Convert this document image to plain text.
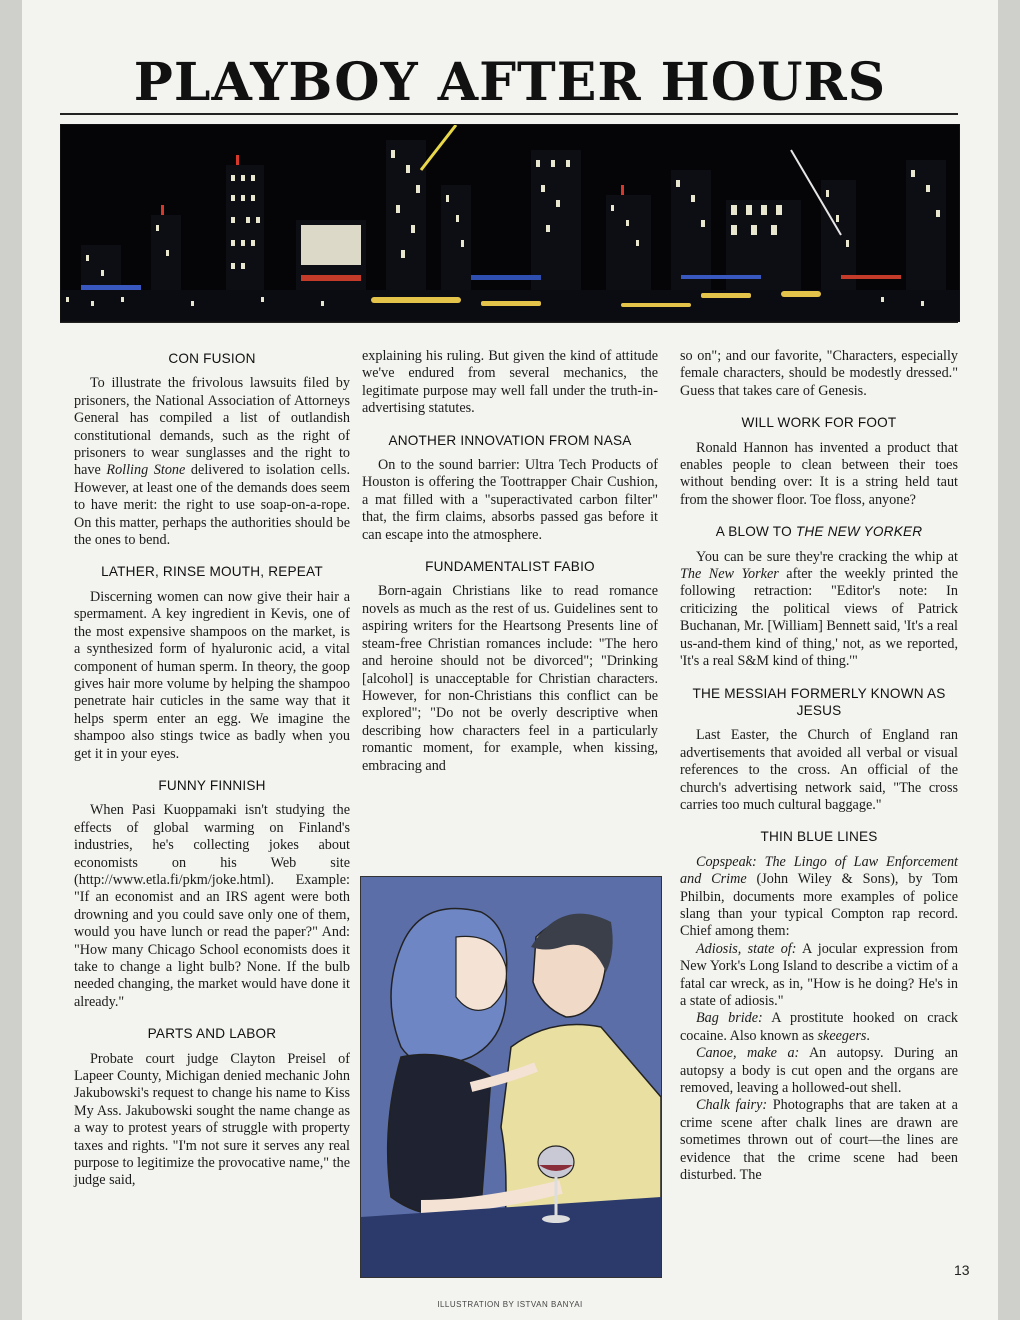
PLAYBOY AFTER HOURS
CON FUSION

To illustrate the frivolous lawsuits filed by prisoners, the National Association of Attorneys General has compiled a list of outlandish constitutional demands, such as the right of prisoners to wear sunglasses and the right to have Rolling Stone delivered to isolation cells. However, at least one of the demands does seem to have merit: the right to use soap-on-a-rope. On this matter, perhaps the authorities should be the ones to bend.

LATHER, RINSE MOUTH, REPEAT

Discerning women can now give their hair a spermament. A key ingredient in Kevis, one of the most expensive shampoos on the market, is a synthesized form of hyaluronic acid, a vital component of human sperm. In theory, the goop gives hair more volume by helping the shampoo penetrate hair cuticles in the same way that it helps sperm enter an egg. We imagine the shampoo also stings twice as badly when you get it in your eyes.

FUNNY FINNISH

When Pasi Kuoppamaki isn't studying the effects of global warming on Finland's industries, he's collecting jokes about economists on his Web site (http://www.etla.fi/pkm/joke.html). Example: "If an economist and an IRS agent were both drowning and you could save only one of them, would you have lunch or read the paper?" And: "How many Chicago School economists does it take to change a light bulb? None. If the bulb needed changing, the market would have done it already."

PARTS AND LABOR

Probate court judge Clayton Preisel of Lapeer County, Michigan denied mechanic John Jakubowski's request to change his name to Kiss My Ass. Jakubowski sought the name change as a way to protest years of struggle with property taxes and rights. "I'm not sure it serves any real purpose to legitimize the provocative name," the judge said,

explaining his ruling. But given the kind of attitude we've endured from several mechanics, the legitimate purpose may well fall under the truth-in-advertising statutes.

ANOTHER INNOVATION FROM NASA

On to the sound barrier: Ultra Tech Products of Houston is offering the Toottrapper Chair Cushion, a mat filled with a "superactivated carbon filter" that, the firm claims, absorbs passed gas before it can escape into the atmosphere.

FUNDAMENTALIST FABIO

Born-again Christians like to read romance novels as much as the rest of us. Guidelines sent to aspiring writers for the Heartsong Presents line of steam-free Christian romances include: "The hero and heroine should not be divorced"; "Drinking [alcohol] is unacceptable for Christian characters. However, for non-Christians this conflict can be explored"; "Do not be overly descriptive when describing how characters feel in a particularly romantic moment, for example, when kissing, embracing and

so on"; and our favorite, "Characters, especially female characters, should be modestly dressed." Guess that takes care of Genesis.

WILL WORK FOR FOOT

Ronald Hannon has invented a product that enables people to clean between their toes without bending over: It is a string held taut from the shower floor. Toe floss, anyone?

A BLOW TO THE NEW YORKER

You can be sure they're cracking the whip at The New Yorker after the weekly printed the following retraction: "Editor's note: In criticizing the political views of Patrick Buchanan, Mr. [William] Bennett said, 'It's a real us-and-them kind of thing,' not, as we reported, 'It's a real S&M kind of thing.'"

THE MESSIAH FORMERLY KNOWN AS JESUS

Last Easter, the Church of England ran advertisements that avoided all verbal or visual references to the cross. An official of the church's advertising network said, "The cross carries too much cultural baggage."

THIN BLUE LINES

Copspeak: The Lingo of Law Enforcement and Crime (John Wiley & Sons), by Tom Philbin, documents more examples of police slang than your typical Compton rap record. Chief among them:

Adiosis, state of: A jocular expression from New York's Long Island to describe a victim of a fatal car wreck, as in, "How is he doing? He's in a state of adiosis."

Bag bride: A prostitute hooked on crack cocaine. Also known as skeegers.

Canoe, make a: An autopsy. During an autopsy a body is cut open and the organs are removed, leaving a hollowed-out shell.

Chalk fairy: Photographs that are taken at a crime scene after chalk lines are drawn are sometimes thrown out of court—the lines are evidence that the crime scene had been disturbed. The

13
ILLUSTRATION BY ISTVAN BANYAI
